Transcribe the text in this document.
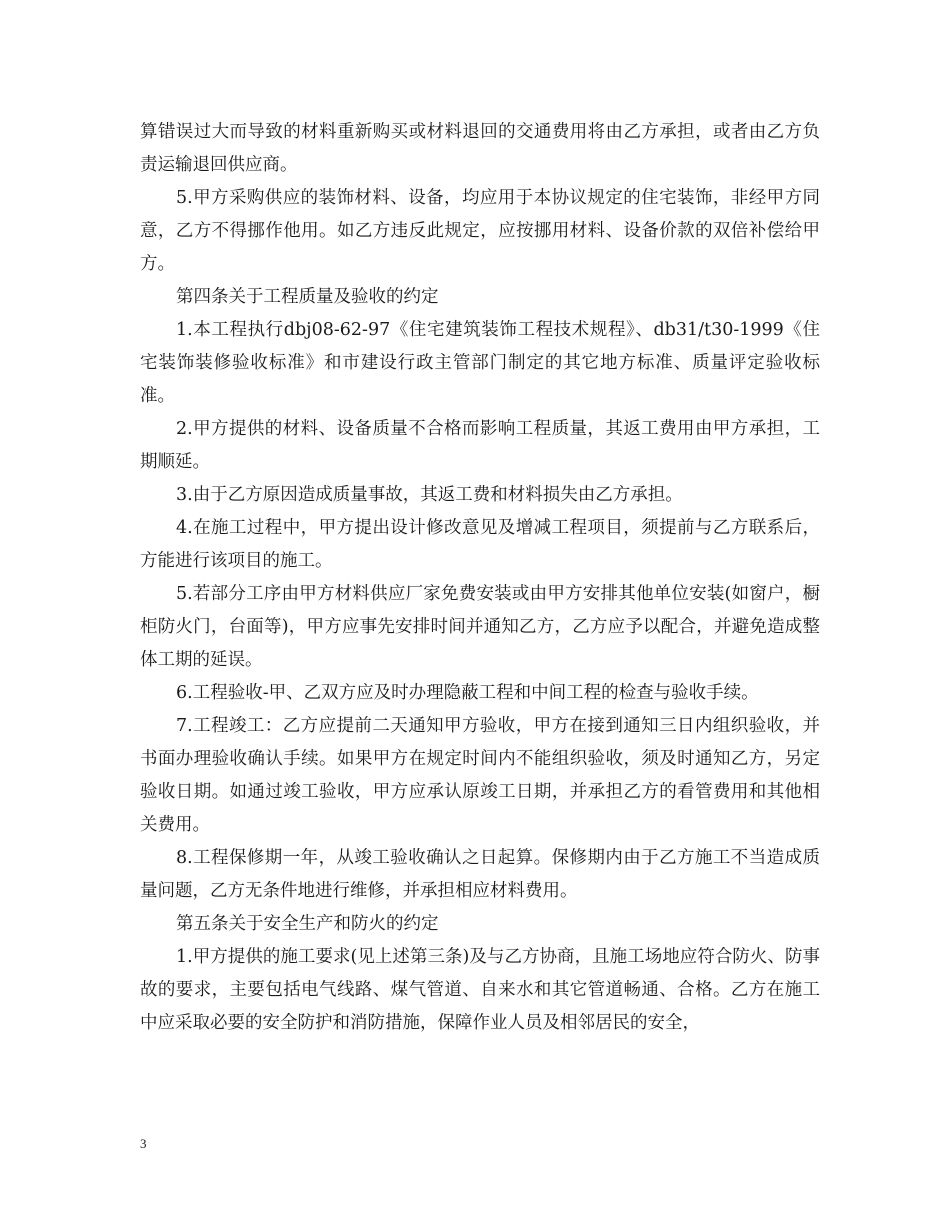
算错误过大而导致的材料重新购买或材料退回的交通费用将由乙方承担，或者由乙方负责运输退回供应商。

5.甲方采购供应的装饰材料、设备，均应用于本协议规定的住宅装饰，非经甲方同意，乙方不得挪作他用。如乙方违反此规定，应按挪用材料、设备价款的双倍补偿给甲方。

第四条关于工程质量及验收的约定

1.本工程执行dbj08-62-97《住宅建筑装饰工程技术规程》、db31/t30-1999《住宅装饰装修验收标准》和市建设行政主管部门制定的其它地方标准、质量评定验收标准。

2.甲方提供的材料、设备质量不合格而影响工程质量，其返工费用由甲方承担，工期顺延。

3.由于乙方原因造成质量事故，其返工费和材料损失由乙方承担。

4.在施工过程中，甲方提出设计修改意见及增减工程项目，须提前与乙方联系后，方能进行该项目的施工。

5.若部分工序由甲方材料供应厂家免费安装或由甲方安排其他单位安装(如窗户，橱柜防火门，台面等)，甲方应事先安排时间并通知乙方，乙方应予以配合，并避免造成整体工期的延误。

6.工程验收-甲、乙双方应及时办理隐蔽工程和中间工程的检查与验收手续。

7.工程竣工：乙方应提前二天通知甲方验收，甲方在接到通知三日内组织验收，并书面办理验收确认手续。如果甲方在规定时间内不能组织验收，须及时通知乙方，另定验收日期。如通过竣工验收，甲方应承认原竣工日期，并承担乙方的看管费用和其他相关费用。

8.工程保修期一年，从竣工验收确认之日起算。保修期内由于乙方施工不当造成质量问题，乙方无条件地进行维修，并承担相应材料费用。

第五条关于安全生产和防火的约定

1.甲方提供的施工要求(见上述第三条)及与乙方协商，且施工场地应符合防火、防事故的要求，主要包括电气线路、煤气管道、自来水和其它管道畅通、合格。乙方在施工中应采取必要的安全防护和消防措施，保障作业人员及相邻居民的安全，

3
